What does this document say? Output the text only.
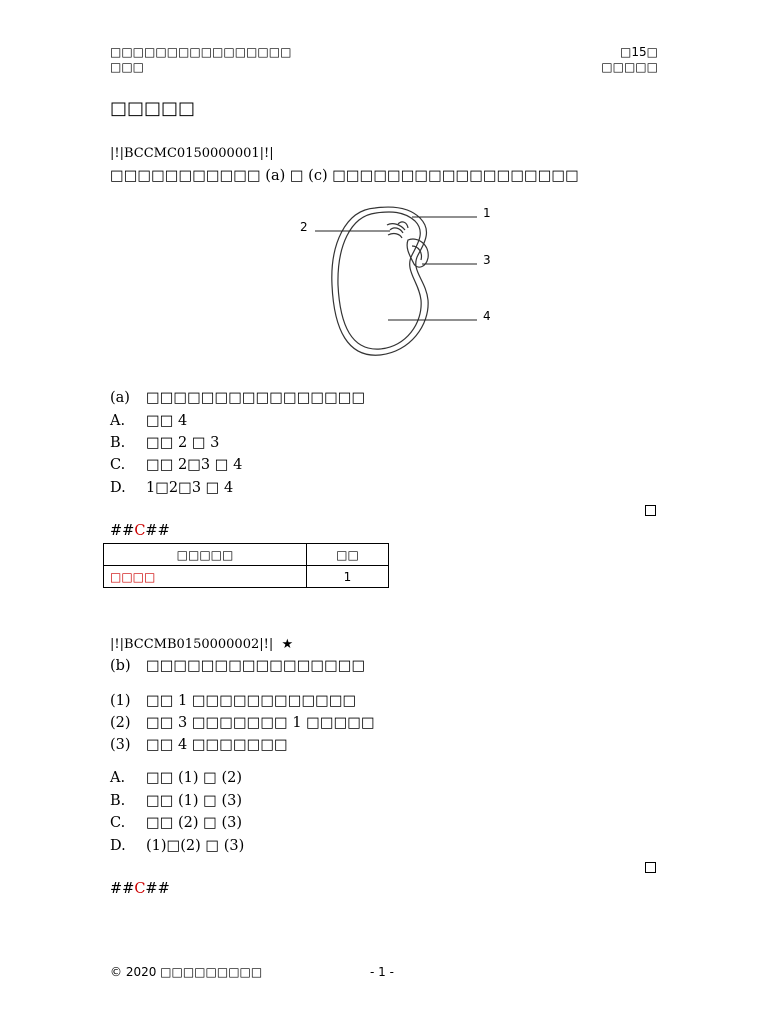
□□□□□□□□□□□□□□□□
□□□
□15□
□□□□□
□□□□□
|!|BCCMC0150000001|!|
□□□□□□□□□□□ (a) □ (c) □□□□□□□□□□□□□□□□□□
1
2
3
4
(a) □□□□□□□□□□□□□□□□
A. □□ 4
B. □□ 2 □ 3
C. □□ 2□3 □ 4
D. 1□2□3 □ 4
##C##
□□□□□	□□
□□□□	1
|!|BCCMB0150000002|!| ★
(b) □□□□□□□□□□□□□□□□
(1) □□ 1 □□□□□□□□□□□□
(2) □□ 3 □□□□□□□ 1 □□□□□
(3) □□ 4 □□□□□□□
A. □□ (1) □ (2)
B. □□ (1) □ (3)
C. □□ (2) □ (3)
D. (1)□(2) □ (3)
##C##
© 2020 □□□□□□□□□	- 1 -
